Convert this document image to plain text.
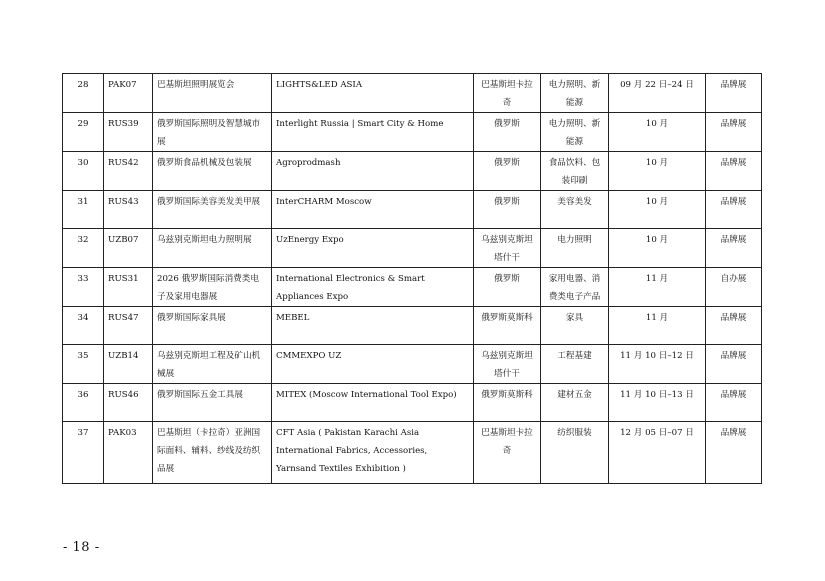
28	PAK07	巴基斯坦照明展览会	LIGHTS&LED ASIA	巴基斯坦卡拉奇	电力照明、新能源	09 月 22 日–24 日	品牌展
29	RUS39	俄罗斯国际照明及智慧城市展	Interlight Russia | Smart City & Home	俄罗斯	电力照明、新能源	10 月	品牌展
30	RUS42	俄罗斯食品机械及包装展	Agroprodmash	俄罗斯	食品饮料、包装印刷	10 月	品牌展
31	RUS43	俄罗斯国际美容美发美甲展	InterCHARM Moscow	俄罗斯	美容美发	10 月	品牌展
32	UZB07	乌兹别克斯坦电力照明展	UzEnergy Expo	乌兹别克斯坦塔什干	电力照明	10 月	品牌展
33	RUS31	2026 俄罗斯国际消费类电子及家用电器展	International Electronics & Smart Appliances Expo	俄罗斯	家用电器、消费类电子产品	11 月	自办展
34	RUS47	俄罗斯国际家具展	MEBEL	俄罗斯莫斯科	家具	11 月	品牌展
35	UZB14	乌兹别克斯坦工程及矿山机械展	CMMEXPO UZ	乌兹别克斯坦塔什干	工程基建	11 月 10 日–12 日	品牌展
36	RUS46	俄罗斯国际五金工具展	MITEX (Moscow International Tool Expo)	俄罗斯莫斯科	建材五金	11 月 10 日–13 日	品牌展
37	PAK03	巴基斯坦（卡拉奇）亚洲国际面料、辅料、纱线及纺织品展	CFT Asia ( Pakistan Karachi Asia International Fabrics, Accessories, Yarnsand Textiles Exhibition )	巴基斯坦卡拉奇	纺织服装	12 月 05 日–07 日	品牌展
- 18 -
